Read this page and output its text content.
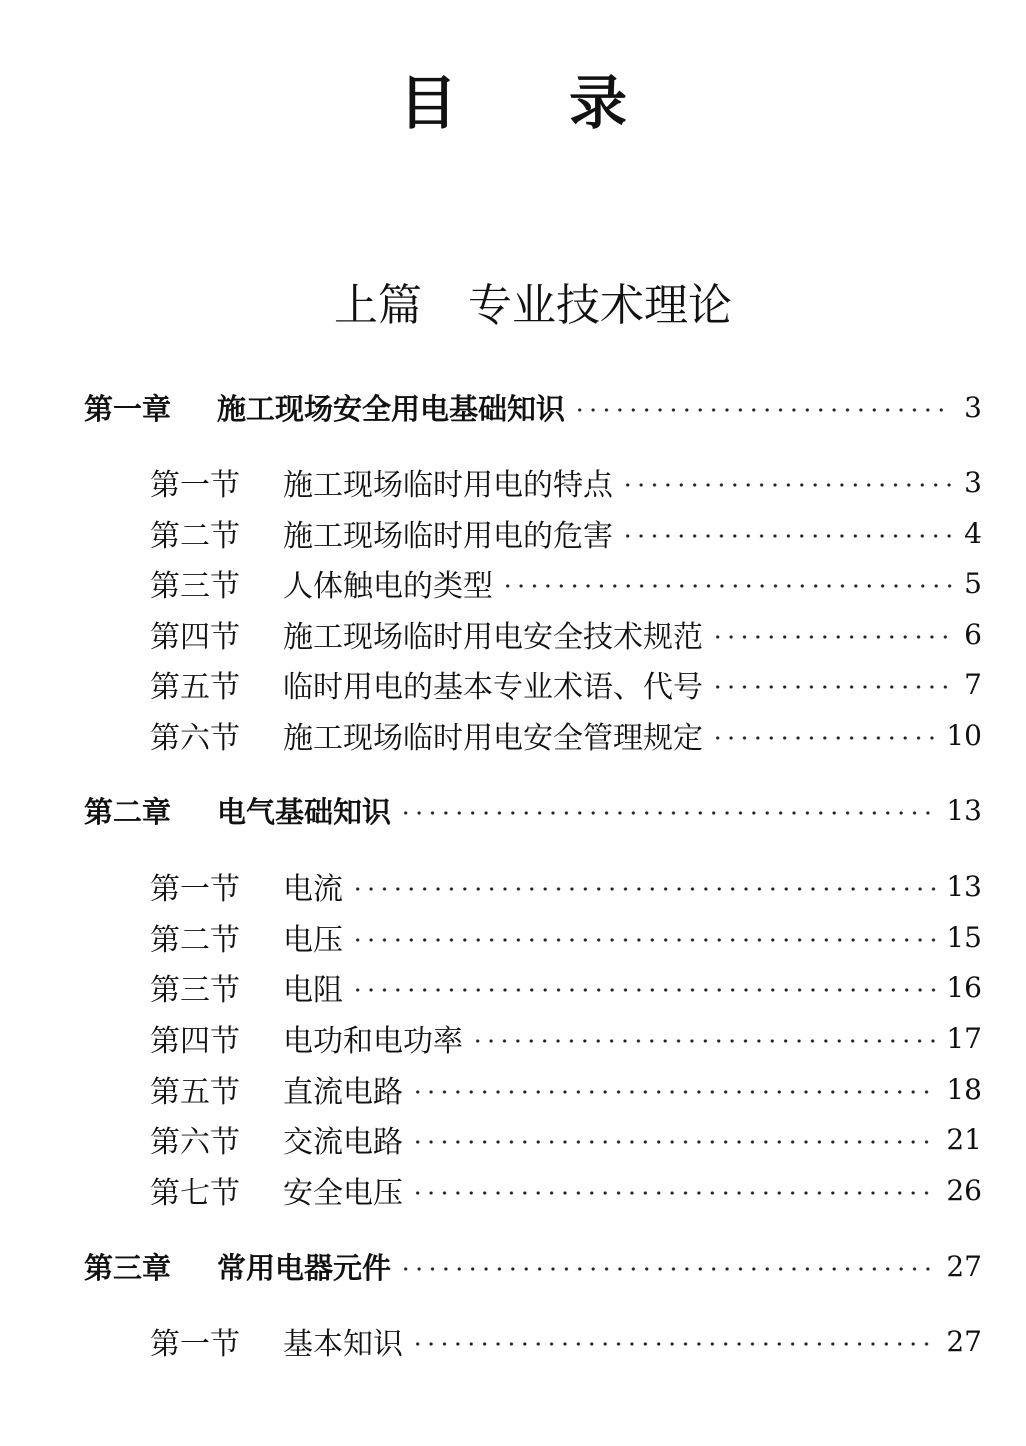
目 录
上篇 专业技术理论
第一章	施工现场安全用电基础知识	3
第一节	施工现场临时用电的特点	3
第二节	施工现场临时用电的危害	4
第三节	人体触电的类型	5
第四节	施工现场临时用电安全技术规范	6
第五节	临时用电的基本专业术语、代号	7
第六节	施工现场临时用电安全管理规定	10
第二章	电气基础知识	13
第一节	电流	13
第二节	电压	15
第三节	电阻	16
第四节	电功和电功率	17
第五节	直流电路	18
第六节	交流电路	21
第七节	安全电压	26
第三章	常用电器元件	27
第一节	基本知识	27
